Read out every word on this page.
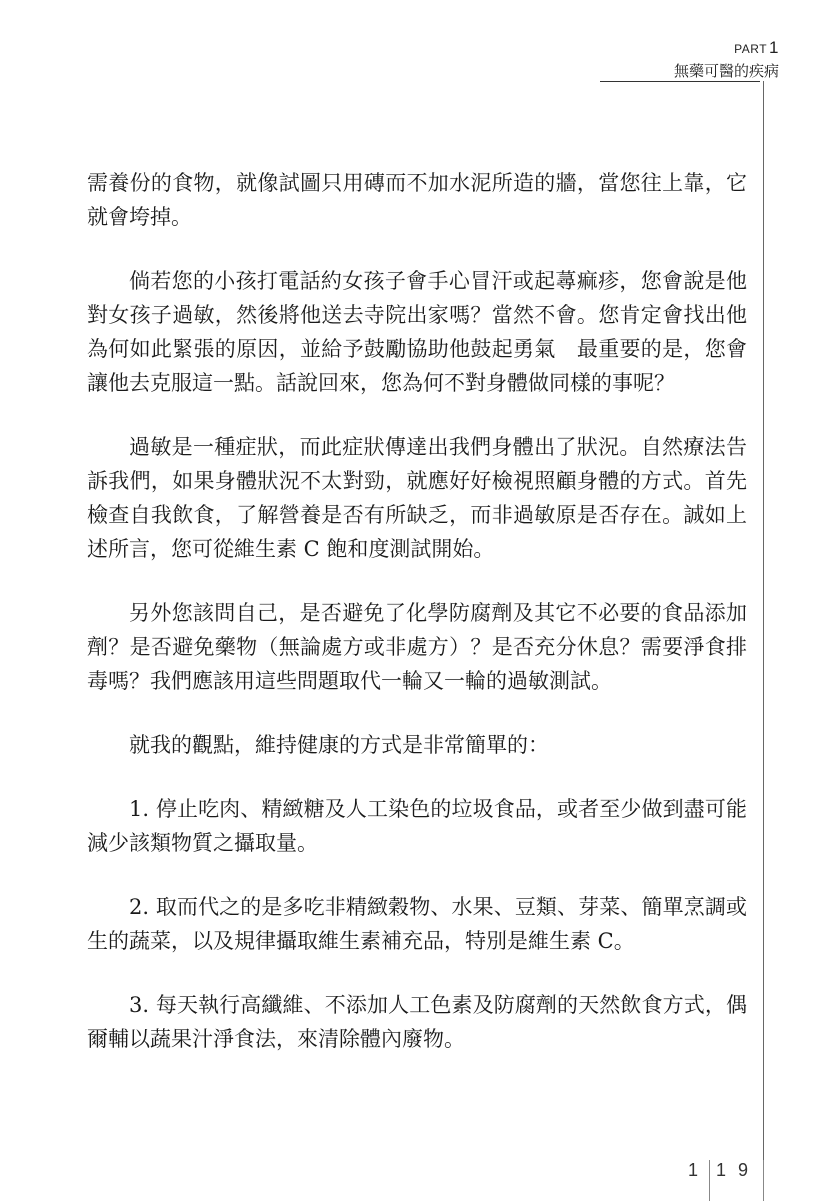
PART 1
無藥可醫的疾病

需養份的食物，就像試圖只用磚而不加水泥所造的牆，當您往上靠，它就會垮掉。

倘若您的小孩打電話約女孩子會手心冒汗或起蕁痲疹，您會說是他對女孩子過敏，然後將他送去寺院出家嗎？當然不會。您肯定會找出他為何如此緊張的原因，並給予鼓勵協助他鼓起勇氣　最重要的是，您會讓他去克服這一點。話說回來，您為何不對身體做同樣的事呢？

過敏是一種症狀，而此症狀傳達出我們身體出了狀況。自然療法告訴我們，如果身體狀況不太對勁，就應好好檢視照顧身體的方式。首先檢查自我飲食，了解營養是否有所缺乏，而非過敏原是否存在。誠如上述所言，您可從維生素 C 飽和度測試開始。

另外您該問自己，是否避免了化學防腐劑及其它不必要的食品添加劑？是否避免藥物（無論處方或非處方）？是否充分休息？需要淨食排毒嗎？我們應該用這些問題取代一輪又一輪的過敏測試。

就我的觀點，維持健康的方式是非常簡單的：

1. 停止吃肉、精緻糖及人工染色的垃圾食品，或者至少做到盡可能減少該類物質之攝取量。

2. 取而代之的是多吃非精緻穀物、水果、豆類、芽菜、簡單烹調或生的蔬菜，以及規律攝取維生素補充品，特別是維生素 C。

3. 每天執行高纖維、不添加人工色素及防腐劑的天然飲食方式，偶爾輔以蔬果汁淨食法，來清除體內廢物。

1 1 9
